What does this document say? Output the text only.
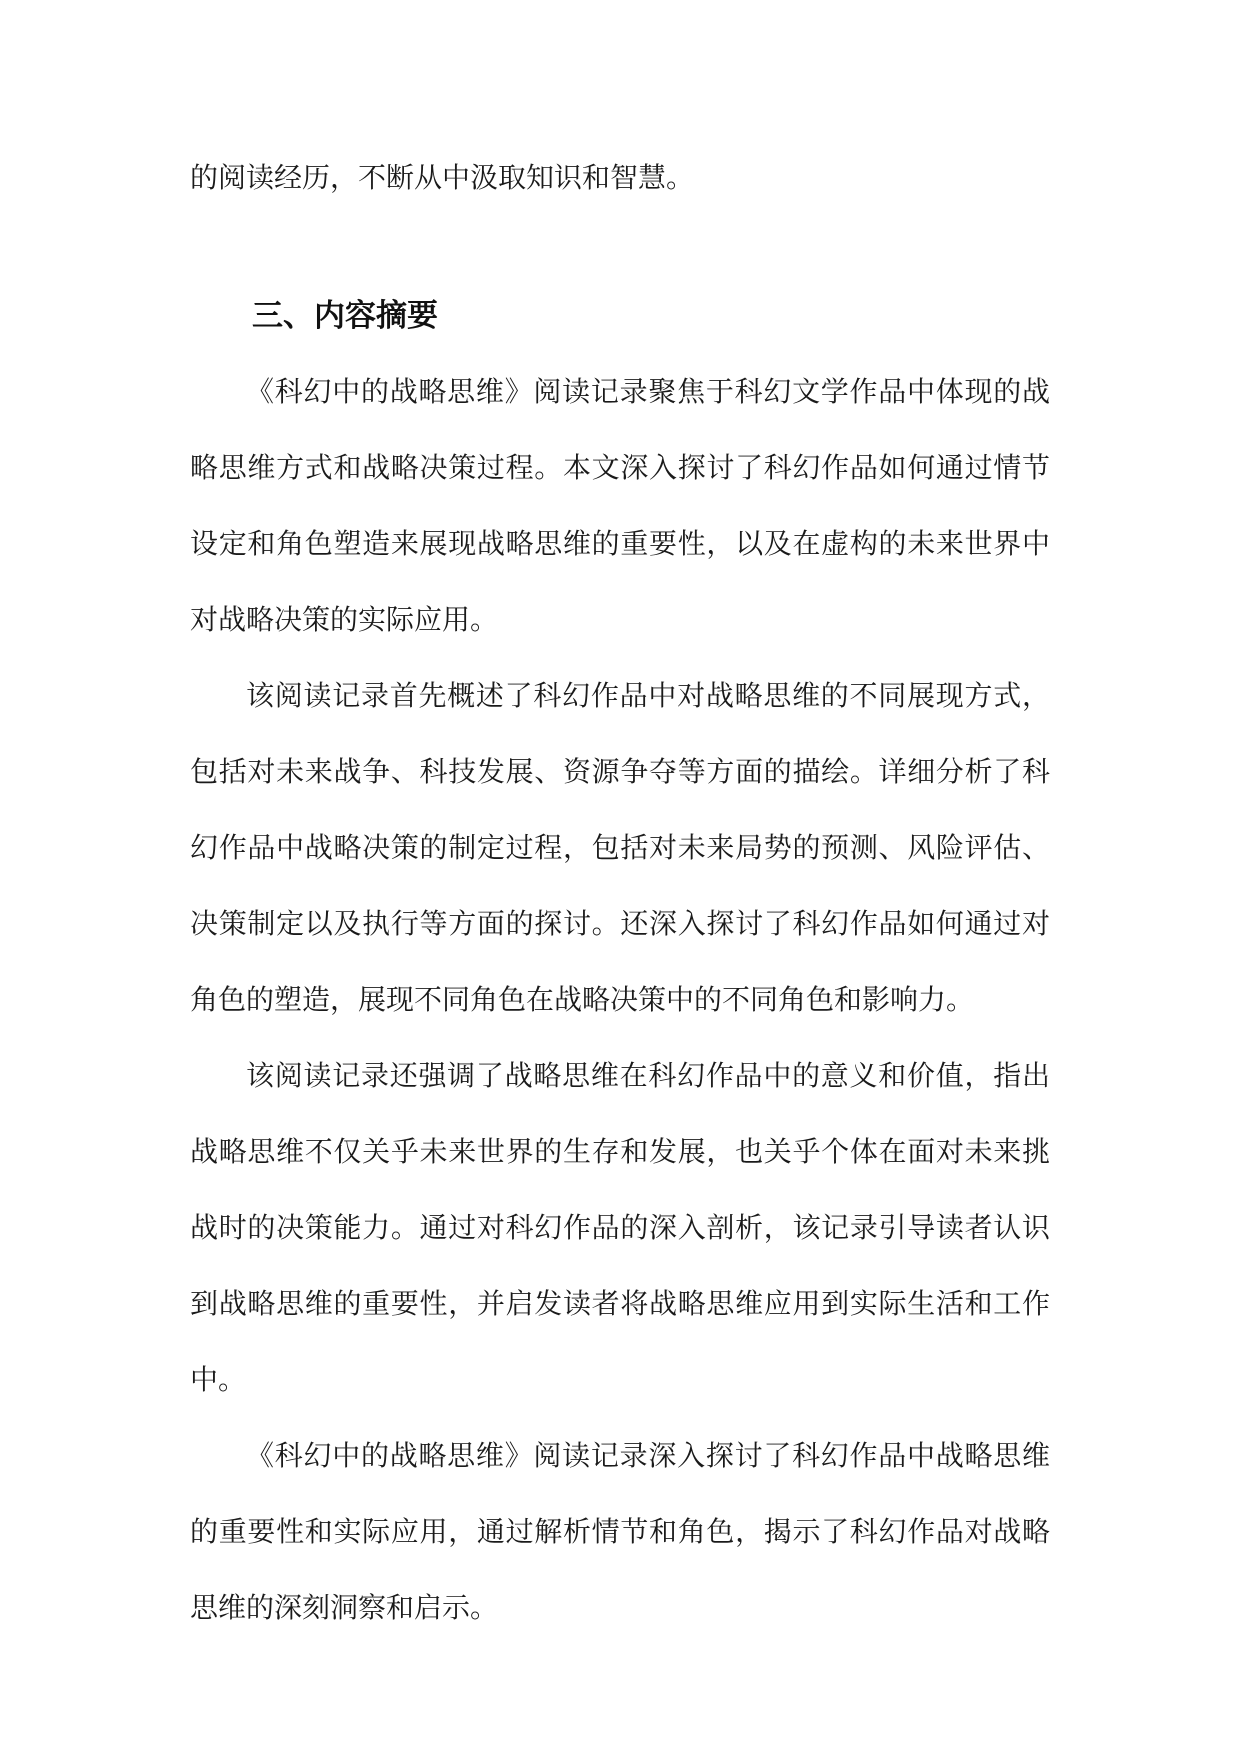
的阅读经历，不断从中汲取知识和智慧。

三、内容摘要

《科幻中的战略思维》阅读记录聚焦于科幻文学作品中体现的战略思维方式和战略决策过程。本文深入探讨了科幻作品如何通过情节设定和角色塑造来展现战略思维的重要性，以及在虚构的未来世界中对战略决策的实际应用。

该阅读记录首先概述了科幻作品中对战略思维的不同展现方式，包括对未来战争、科技发展、资源争夺等方面的描绘。详细分析了科幻作品中战略决策的制定过程，包括对未来局势的预测、风险评估、决策制定以及执行等方面的探讨。还深入探讨了科幻作品如何通过对角色的塑造，展现不同角色在战略决策中的不同角色和影响力。

该阅读记录还强调了战略思维在科幻作品中的意义和价值，指出战略思维不仅关乎未来世界的生存和发展，也关乎个体在面对未来挑战时的决策能力。通过对科幻作品的深入剖析，该记录引导读者认识到战略思维的重要性，并启发读者将战略思维应用到实际生活和工作中。

《科幻中的战略思维》阅读记录深入探讨了科幻作品中战略思维的重要性和实际应用，通过解析情节和角色，揭示了科幻作品对战略思维的深刻洞察和启示。
